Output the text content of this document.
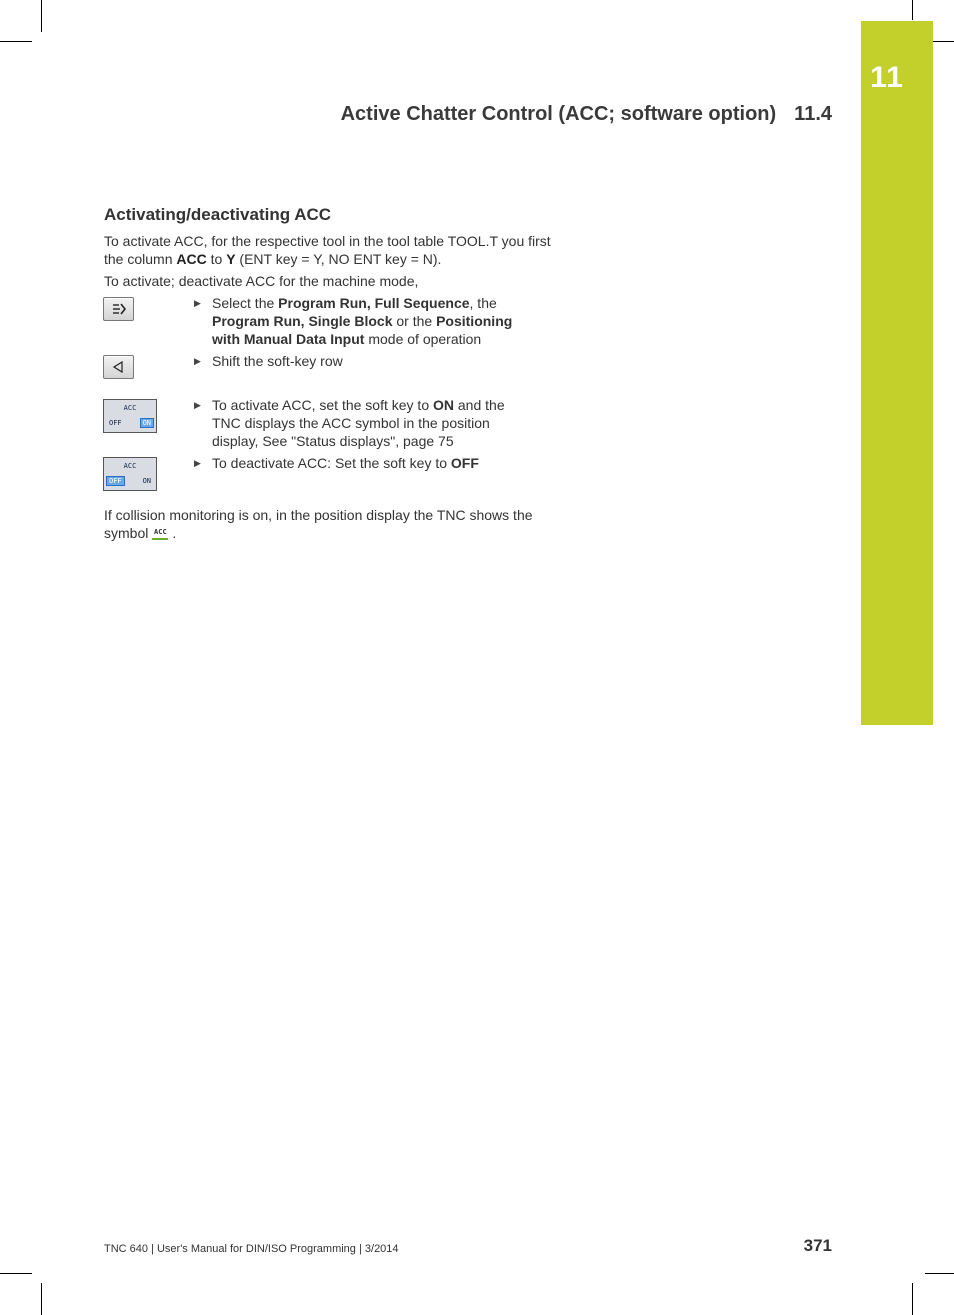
11
Active Chatter Control (ACC; software option) 11.4
Activating/deactivating ACC
To activate ACC, for the respective tool in the tool table TOOL.T you first the column ACC to Y (ENT key = Y, NO ENT key = N).
To activate; deactivate ACC for the machine mode,
▶ Select the Program Run, Full Sequence, the Program Run, Single Block or the Positioning with Manual Data Input mode of operation
▶ Shift the soft-key row
ACC
OFF	ON
▶ To activate ACC, set the soft key to ON and the TNC displays the ACC symbol in the position display, See "Status displays", page 75
ACC
OFF	ON
▶ To deactivate ACC: Set the soft key to OFF
If collision monitoring is on, in the position display the TNC shows the symbol ACC .
TNC 640 | User's Manual for DIN/ISO Programming | 3/2014	371
